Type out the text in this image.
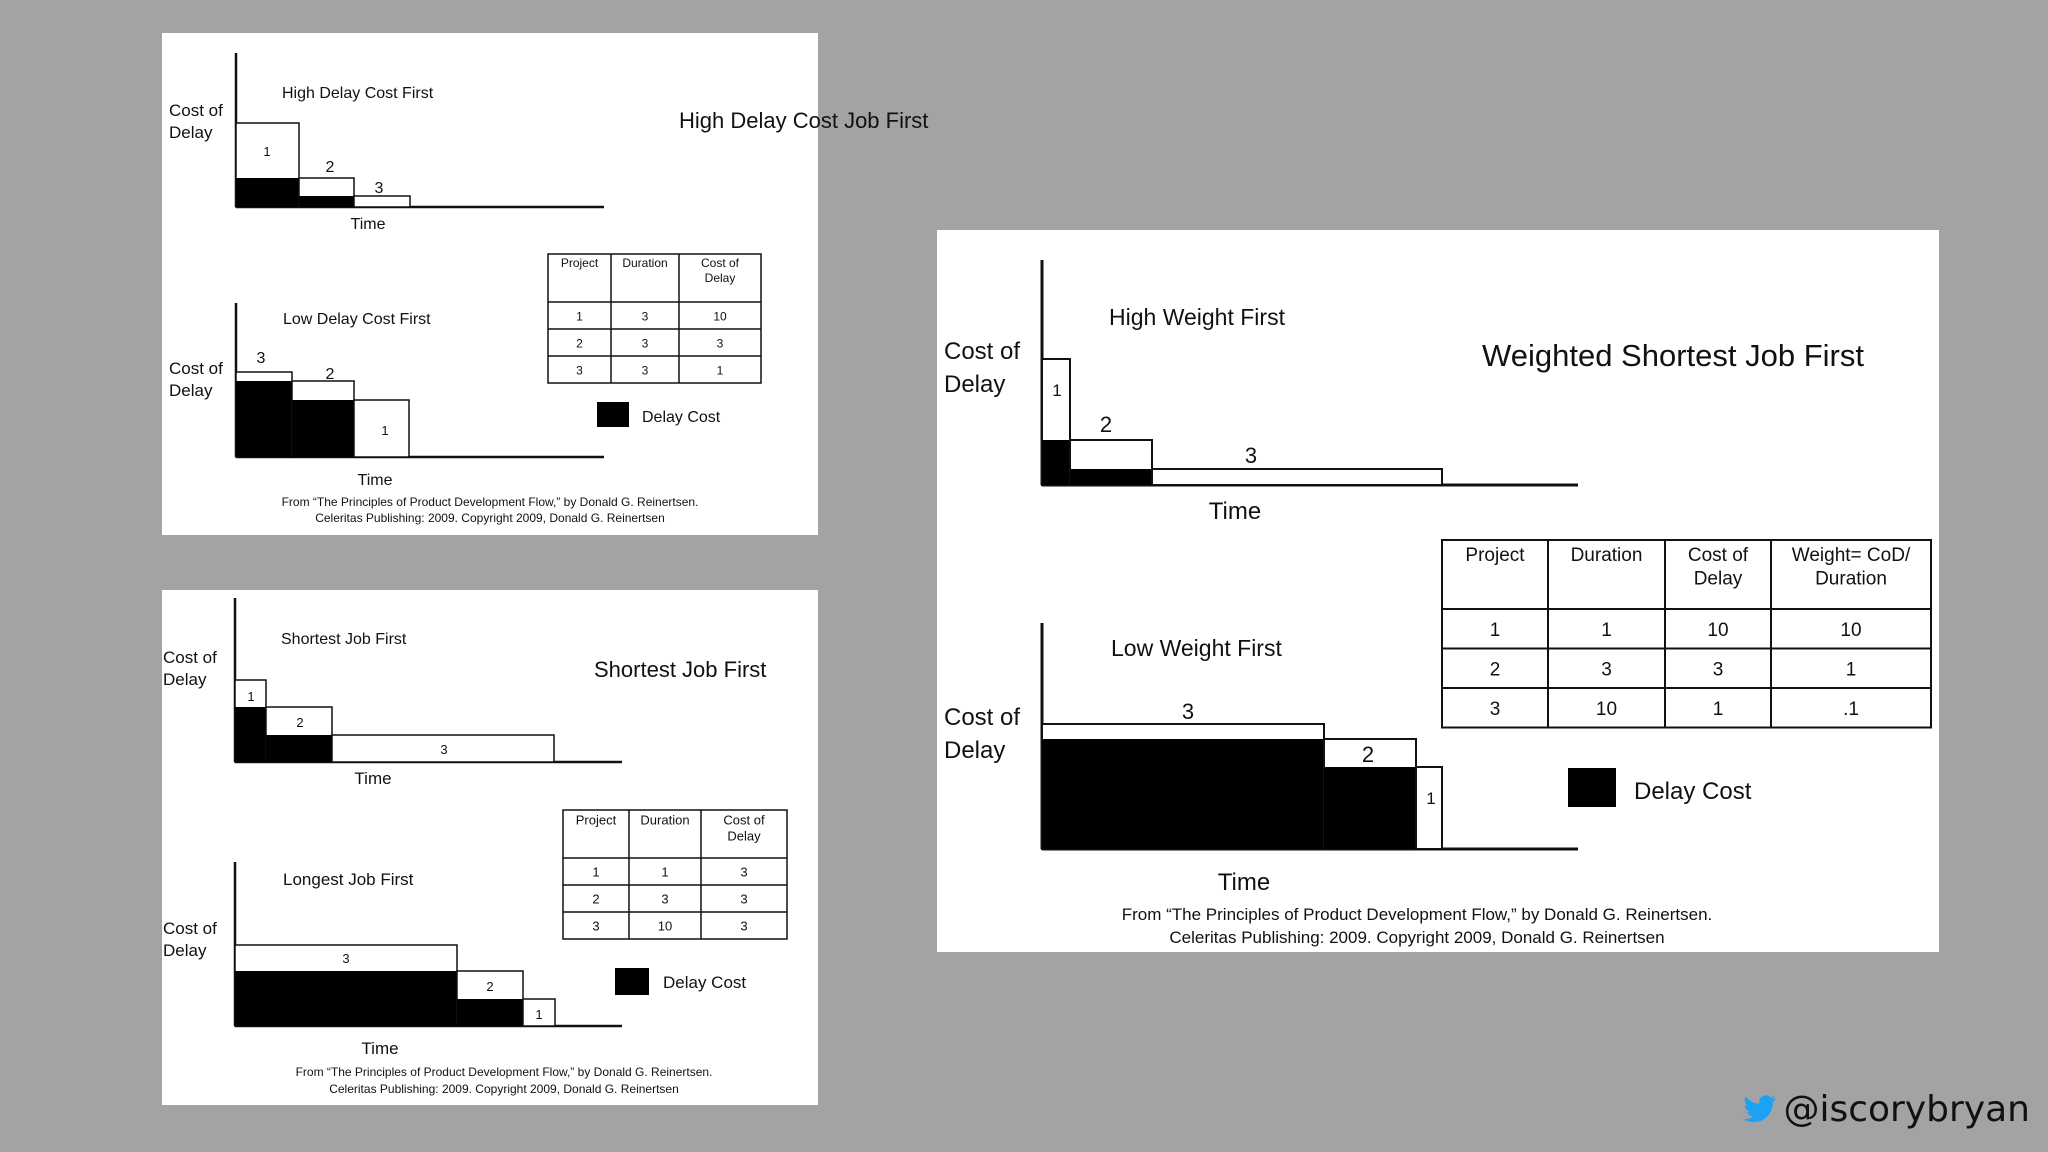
High Delay Cost Job First
Cost of
Delay
High Delay Cost First
1
2
3
Time
Cost of
Delay
Low Delay Cost First
3
2
1
Time
Project
1
2
3
Duration
3
3
3
Cost of
Delay
10
3
1
Delay Cost
From “The Principles of Product Development Flow,” by Donald G. Reinertsen.
Celeritas Publishing: 2009. Copyright 2009, Donald G. Reinertsen
Shortest Job First
Cost of
Delay
Shortest Job First
1
2
3
Time
Cost of
Delay
Longest Job First
3
2
1
Time
Project
1
2
3
Duration
1
3
10
Cost of
Delay
3
3
3
Delay Cost
From “The Principles of Product Development Flow,” by Donald G. Reinertsen.
Celeritas Publishing: 2009. Copyright 2009, Donald G. Reinertsen
Weighted Shortest Job First
Cost of
Delay
High Weight First
1
2
3
Time
Cost of
Delay
Low Weight First
3
2
1
Time
Project
1
2
3
Duration
1
3
10
Cost of
Delay
10
3
1
Weight= CoD/
Duration
10
1
.1
Delay Cost
From “The Principles of Product Development Flow,” by Donald G. Reinertsen.
Celeritas Publishing: 2009. Copyright 2009, Donald G. Reinertsen
@iscorybryan
